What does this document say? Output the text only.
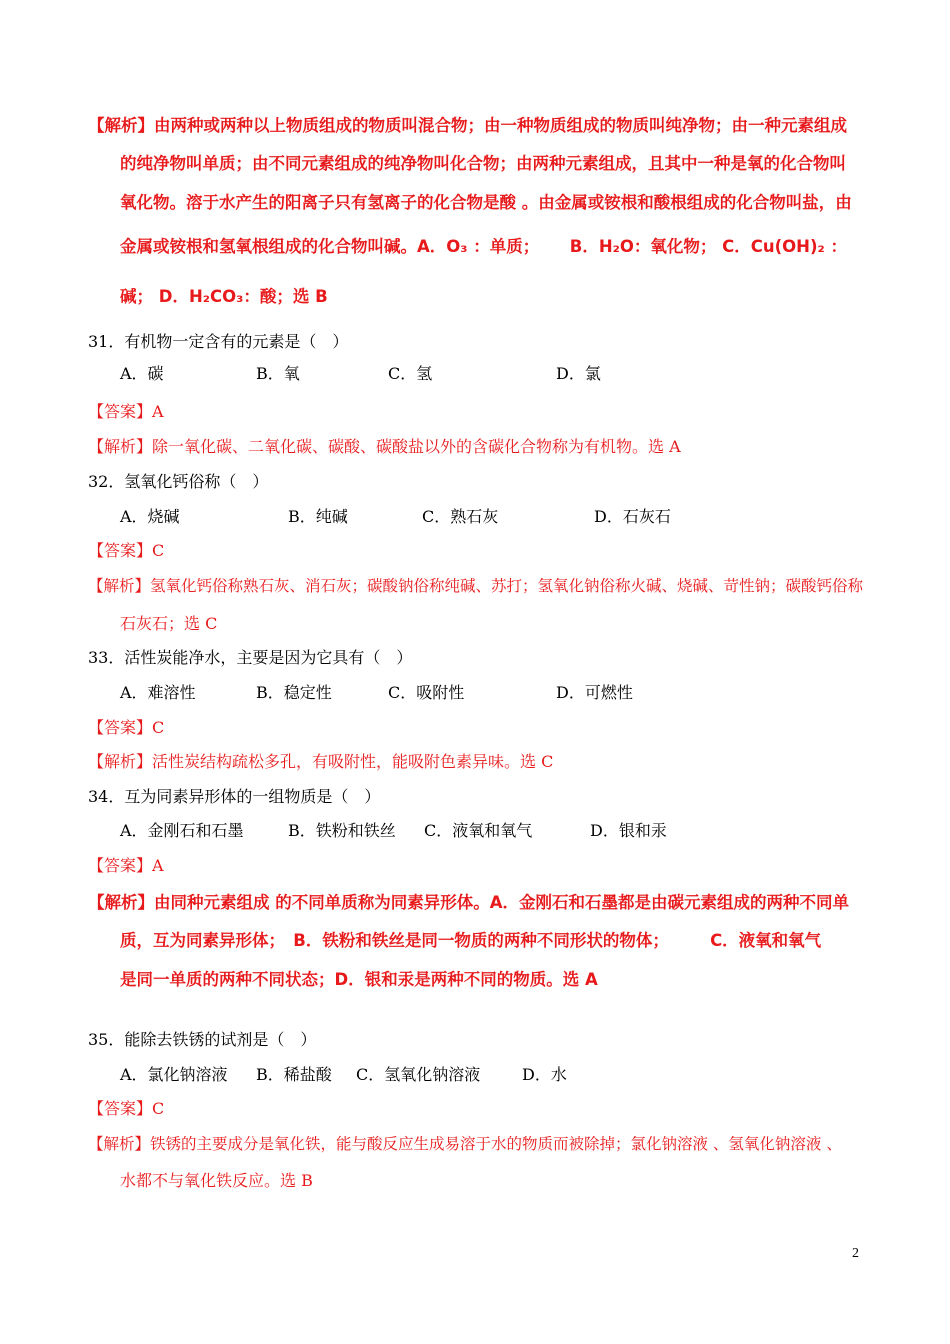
【解析】由两种或两种以上物质组成的物质叫混合物；由一种物质组成的物质叫纯净物；由一种元素组成
的纯净物叫单质；由不同元素组成的纯净物叫化合物；由两种元素组成，且其中一种是氧的化合物叫
氧化物。溶于水产生的阳离子只有氢离子的化合物是酸 。由金属或铵根和酸根组成的化合物叫盐，由
金属或铵根和氢氧根组成的化合物叫碱。A．O₃ ：单质；　　 B．H₂O：氧化物； C．Cu(OH)₂ ：
碱； D．H₂CO₃：酸；选 B
31．有机物一定含有的元素是（　）
A．碳	B．氧	C．氢	D．氯
【答案】A
【解析】除一氧化碳、二氧化碳、碳酸、碳酸盐以外的含碳化合物称为有机物。选 A
32．氢氧化钙俗称（　）
A．烧碱	B．纯碱	C．熟石灰	D．石灰石
【答案】C
【解析】氢氧化钙俗称熟石灰、消石灰；碳酸钠俗称纯碱、苏打；氢氧化钠俗称火碱、烧碱、苛性钠；碳酸钙俗称
石灰石；选 C
33．活性炭能净水，主要是因为它具有（　）
A．难溶性	B．稳定性	C．吸附性	D．可燃性
【答案】C
【解析】活性炭结构疏松多孔，有吸附性，能吸附色素异味。选 C
34．互为同素异形体的一组物质是（　）
A．金刚石和石墨	B．铁粉和铁丝 C．液氧和氧气	D．银和汞
【答案】A
【解析】由同种元素组成 的不同单质称为同素异形体。A．金刚石和石墨都是由碳元素组成的两种不同单
质，互为同素异形体；　B．铁粉和铁丝是同一物质的两种不同形状的物体；　　　C．液氧和氧气
是同一单质的两种不同状态；D．银和汞是两种不同的物质。选 A
35．能除去铁锈的试剂是（　）
A．氯化钠溶液 B．稀盐酸 C．氢氧化钠溶液	D．水
【答案】C
【解析】铁锈的主要成分是氧化铁，能与酸反应生成易溶于水的物质而被除掉；氯化钠溶液 、氢氧化钠溶液 、
水都不与氧化铁反应。选 B
2
